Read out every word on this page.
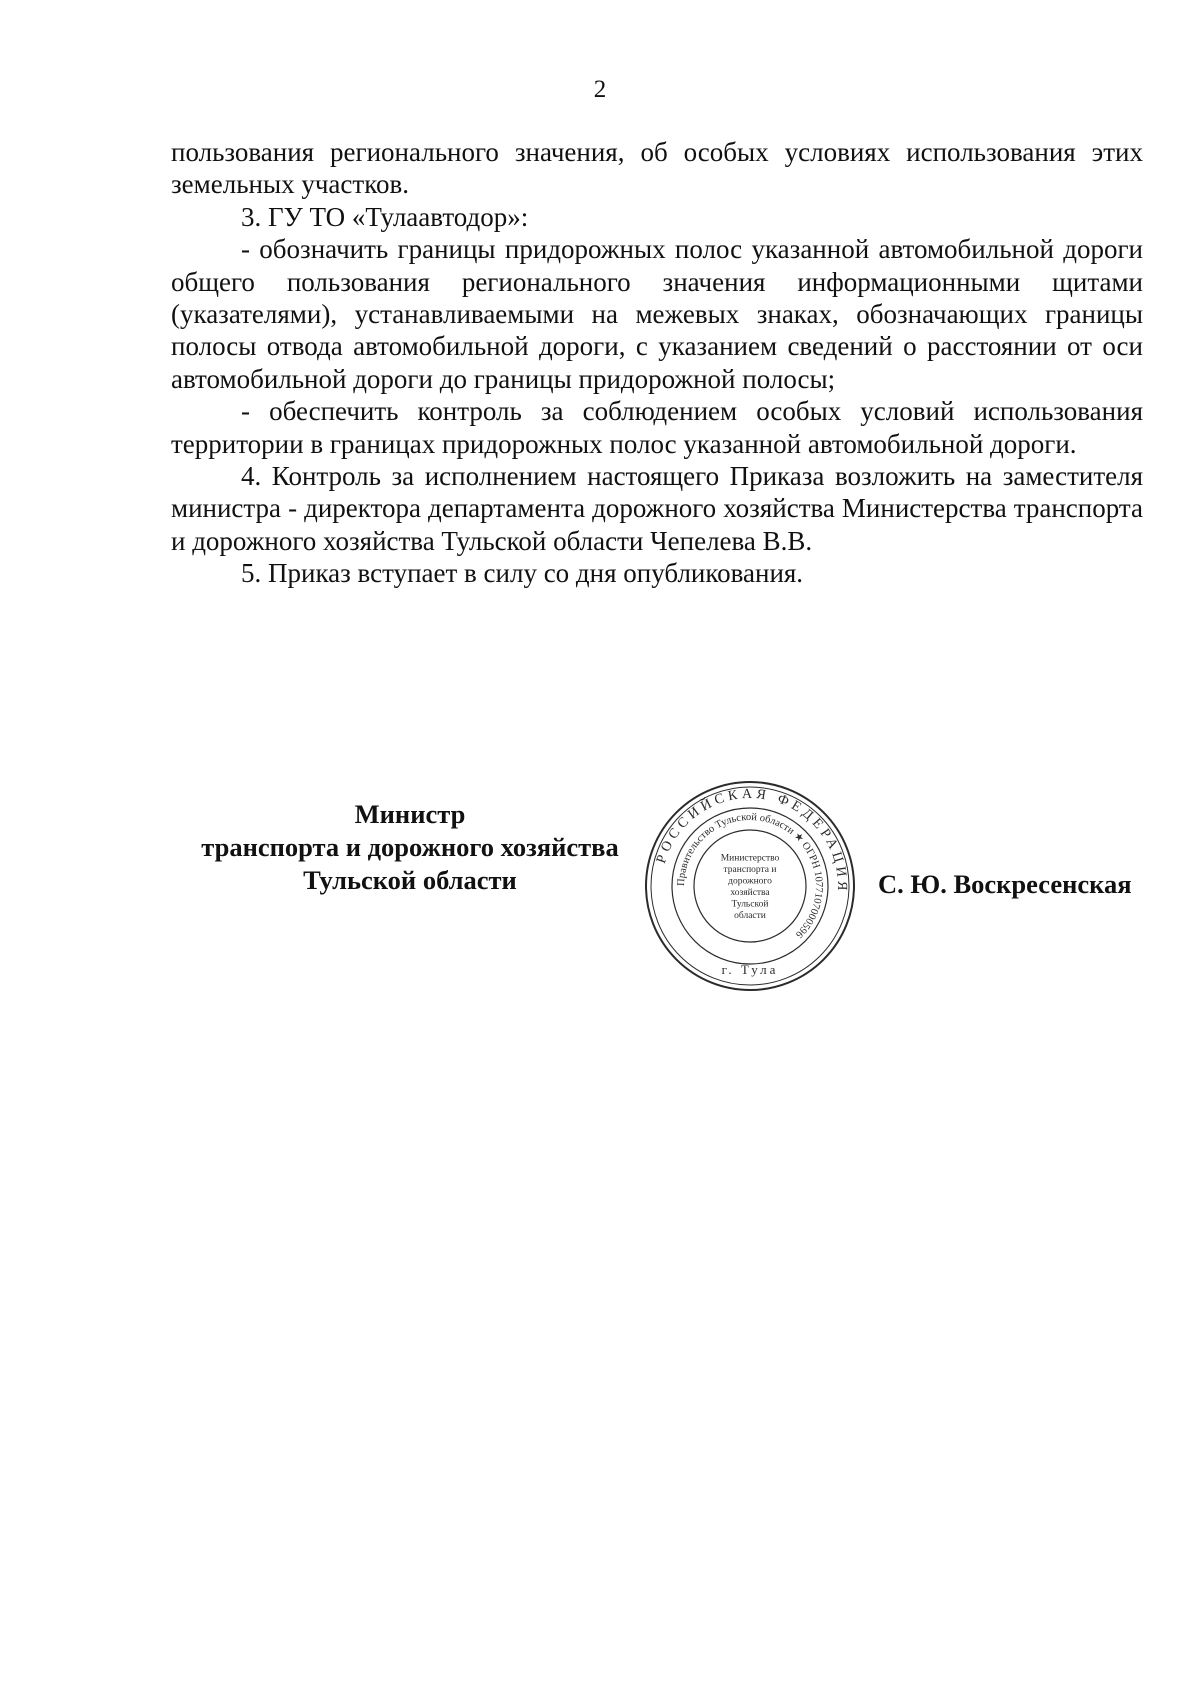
2

пользования регионального значения, об особых условиях использования этих земельных участков.

3. ГУ ТО «Тулаавтодор»:

- обозначить границы придорожных полос указанной автомобильной дороги общего пользования регионального значения информационными щитами (указателями), устанавливаемыми на межевых знаках, обозначающих границы полосы отвода автомобильной дороги, с указанием сведений о расстоянии от оси автомобильной дороги до границы придорожной полосы;

- обеспечить контроль за соблюдением особых условий использования территории в границах придорожных полос указанной автомобильной дороги.

4. Контроль за исполнением настоящего Приказа возложить на заместителя министра - директора департамента дорожного хозяйства Министерства транспорта и дорожного хозяйства Тульской области Чепелева В.В.

5. Приказ вступает в силу со дня опубликования.

Министр
транспорта и дорожного хозяйства
Тульской области
РОССИЙСКАЯ ФЕДЕРАЦИЯ
Правительство Тульской области ★ ОГРН 1077107000596
г. Тула
Министерство
транспорта и
дорожного
хозяйства
Тульской
области
С. Ю. Воскресенская
